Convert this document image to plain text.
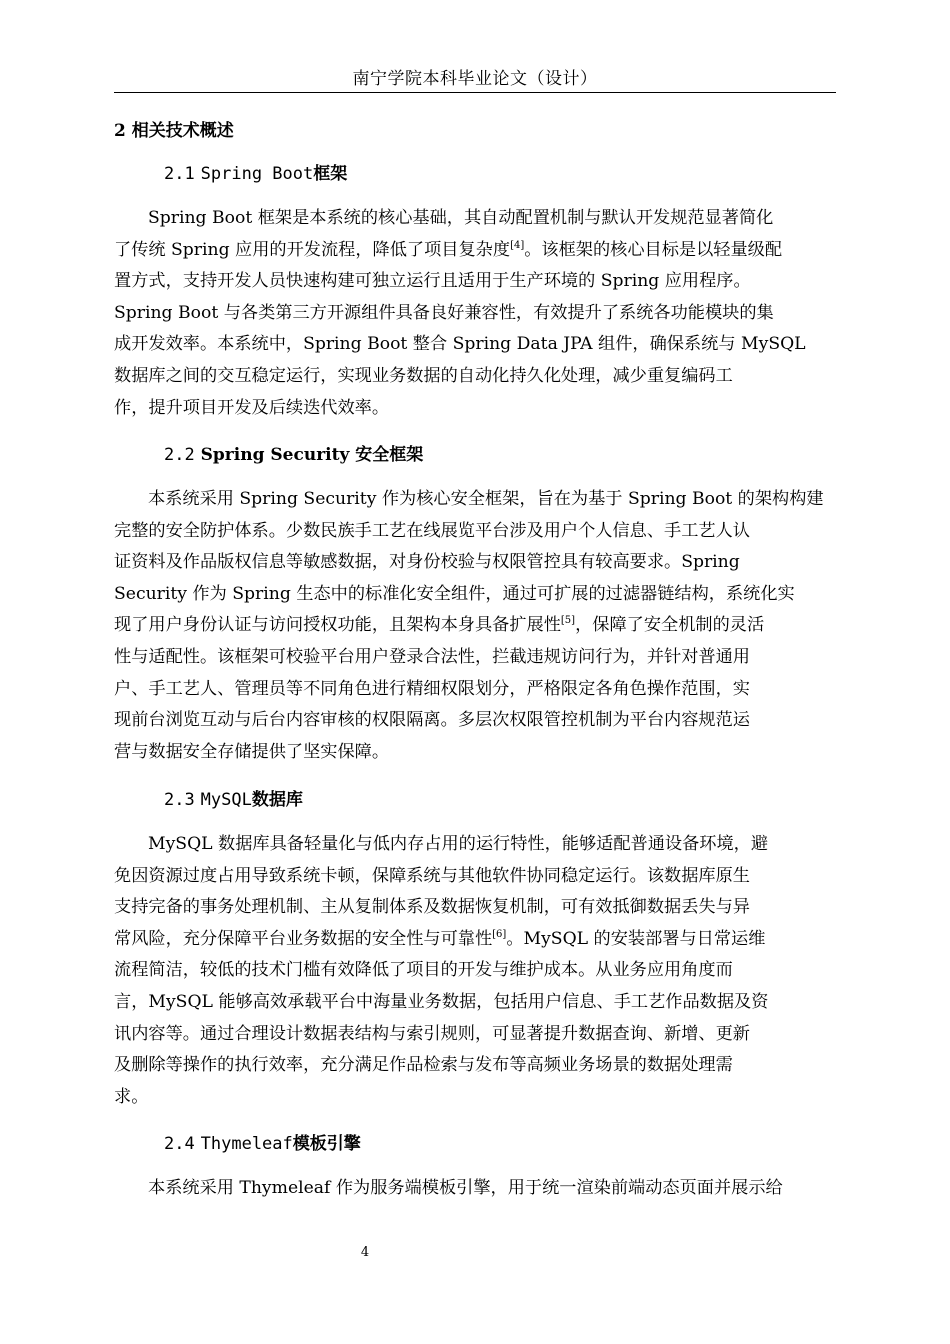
南宁学院本科毕业论文（设计）
2 相关技术概述
2.1 Spring Boot框架
Spring Boot 框架是本系统的核心基础，其自动配置机制与默认开发规范显著简化
了传统 Spring 应用的开发流程，降低了项目复杂度[4]。该框架的核心目标是以轻量级配
置方式，支持开发人员快速构建可独立运行且适用于生产环境的 Spring 应用程序。
Spring Boot 与各类第三方开源组件具备良好兼容性，有效提升了系统各功能模块的集
成开发效率。本系统中，Spring Boot 整合 Spring Data JPA 组件，确保系统与 MySQL
数据库之间的交互稳定运行，实现业务数据的自动化持久化处理，减少重复编码工
作，提升项目开发及后续迭代效率。
2.2 Spring Security 安全框架
本系统采用 Spring Security 作为核心安全框架，旨在为基于 Spring Boot 的架构构建
完整的安全防护体系。少数民族手工艺在线展览平台涉及用户个人信息、手工艺人认
证资料及作品版权信息等敏感数据，对身份校验与权限管控具有较高要求。Spring
Security 作为 Spring 生态中的标准化安全组件，通过可扩展的过滤器链结构，系统化实
现了用户身份认证与访问授权功能，且架构本身具备扩展性[5]，保障了安全机制的灵活
性与适配性。该框架可校验平台用户登录合法性，拦截违规访问行为，并针对普通用
户、手工艺人、管理员等不同角色进行精细权限划分，严格限定各角色操作范围，实
现前台浏览互动与后台内容审核的权限隔离。多层次权限管控机制为平台内容规范运
营与数据安全存储提供了坚实保障。
2.3 MySQL数据库
MySQL 数据库具备轻量化与低内存占用的运行特性，能够适配普通设备环境，避
免因资源过度占用导致系统卡顿，保障系统与其他软件协同稳定运行。该数据库原生
支持完备的事务处理机制、主从复制体系及数据恢复机制，可有效抵御数据丢失与异
常风险，充分保障平台业务数据的安全性与可靠性[6]。MySQL 的安装部署与日常运维
流程简洁，较低的技术门槛有效降低了项目的开发与维护成本。从业务应用角度而
言，MySQL 能够高效承载平台中海量业务数据，包括用户信息、手工艺作品数据及资
讯内容等。通过合理设计数据表结构与索引规则，可显著提升数据查询、新增、更新
及删除等操作的执行效率，充分满足作品检索与发布等高频业务场景的数据处理需
求。
2.4 Thymeleaf模板引擎
本系统采用 Thymeleaf 作为服务端模板引擎，用于统一渲染前端动态页面并展示给
4
